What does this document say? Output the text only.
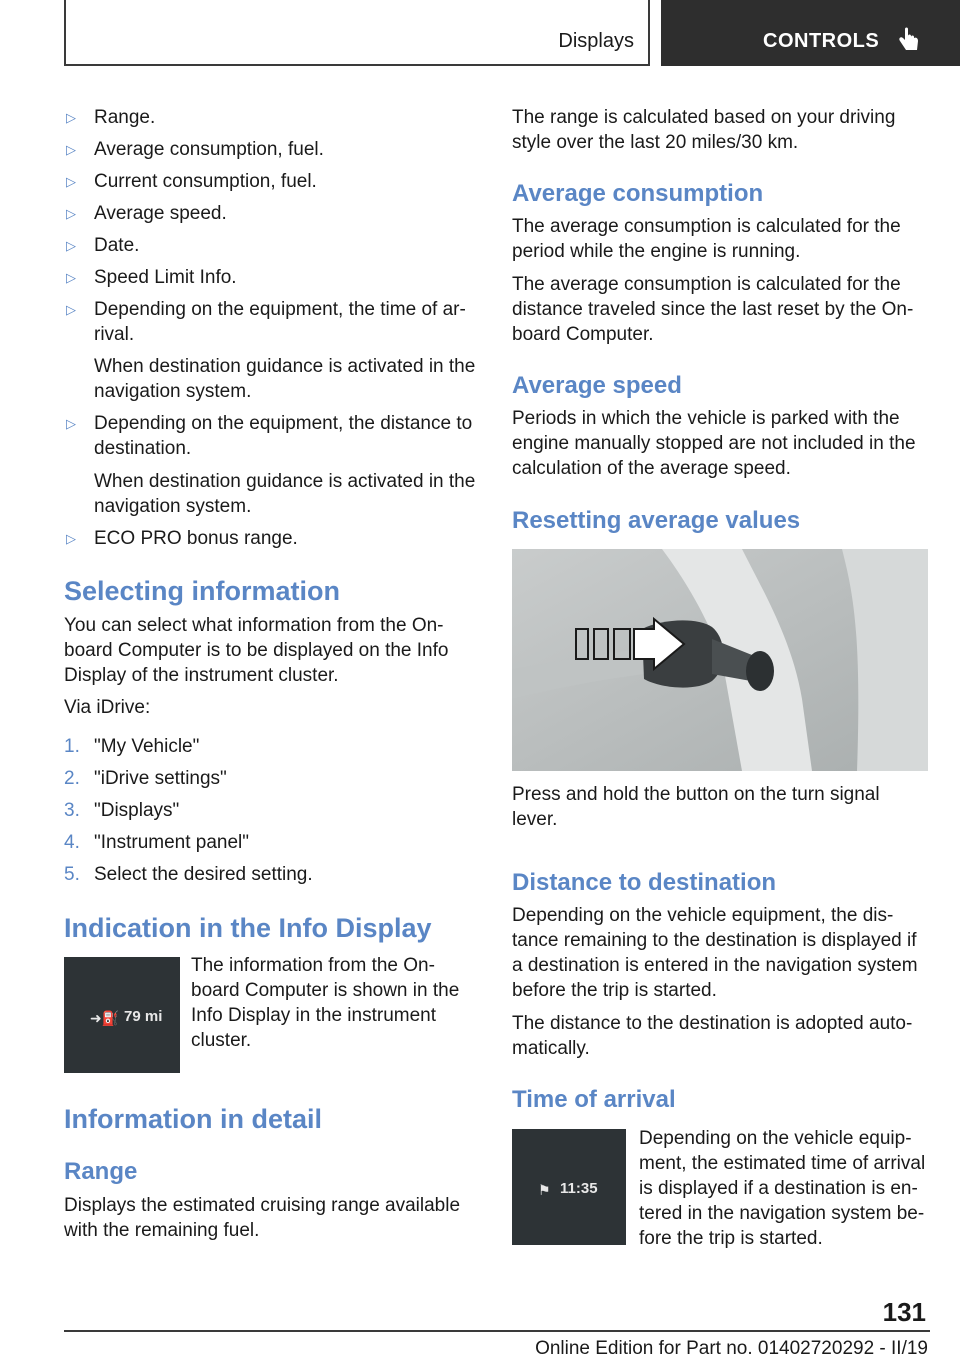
Displays	CONTROLS
▷ Range.
▷ Average consumption, fuel.
▷ Current consumption, fuel.
▷ Average speed.
▷ Date.
▷ Speed Limit Info.
▷ Depending on the equipment, the time of ar-rival.
When destination guidance is activated in the navigation system.
▷ Depending on the equipment, the distance to destination.
When destination guidance is activated in the navigation system.
▷ ECO PRO bonus range.
Selecting information
You can select what information from the On-board Computer is to be displayed on the Info Display of the instrument cluster.
Via iDrive:
1. "My Vehicle"
2. "iDrive settings"
3. "Displays"
4. "Instrument panel"
5. Select the desired setting.
Indication in the Info Display
➜⛽ 79 mi
The information from the On-board Computer is shown in the Info Display in the instrument cluster.
Information in detail
Range
Displays the estimated cruising range available with the remaining fuel.
The range is calculated based on your driving style over the last 20 miles/30 km.
Average consumption
The average consumption is calculated for the period while the engine is running.
The average consumption is calculated for the distance traveled since the last reset by the On-board Computer.
Average speed
Periods in which the vehicle is parked with the engine manually stopped are not included in the calculation of the average speed.
Resetting average values
Press and hold the button on the turn signal lever.
Distance to destination
Depending on the vehicle equipment, the dis-tance remaining to the destination is displayed if a destination is entered in the navigation system before the trip is started.
The distance to the destination is adopted auto-matically.
Time of arrival
⚑ 11:35
Depending on the vehicle equip-ment, the estimated time of arrival is displayed if a destination is en-tered in the navigation system be-fore the trip is started.
131
Online Edition for Part no. 01402720292 - II/19
